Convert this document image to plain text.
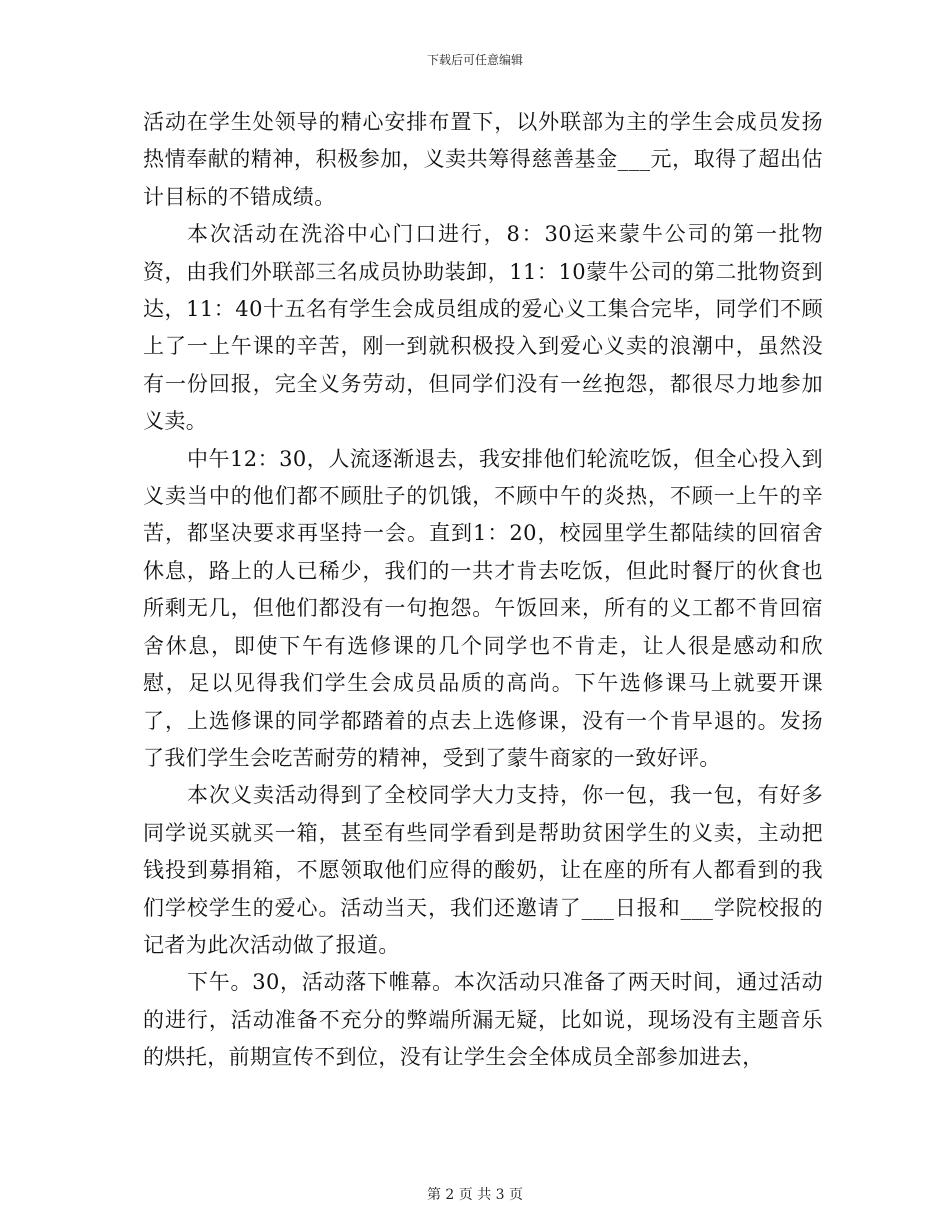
下载后可任意编辑

活动在学生处领导的精心安排布置下，以外联部为主的学生会成员发扬热情奉献的精神，积极参加，义卖共筹得慈善基金___元，取得了超出估计目标的不错成绩。

本次活动在洗浴中心门口进行，8：30运来蒙牛公司的第一批物资，由我们外联部三名成员协助装卸，11：10蒙牛公司的第二批物资到达，11：40十五名有学生会成员组成的爱心义工集合完毕，同学们不顾上了一上午课的辛苦，刚一到就积极投入到爱心义卖的浪潮中，虽然没有一份回报，完全义务劳动，但同学们没有一丝抱怨，都很尽力地参加义卖。

中午12：30，人流逐渐退去，我安排他们轮流吃饭，但全心投入到义卖当中的他们都不顾肚子的饥饿，不顾中午的炎热，不顾一上午的辛苦，都坚决要求再坚持一会。直到1：20，校园里学生都陆续的回宿舍休息，路上的人已稀少，我们的一共才肯去吃饭，但此时餐厅的伙食也所剩无几，但他们都没有一句抱怨。午饭回来，所有的义工都不肯回宿舍休息，即使下午有选修课的几个同学也不肯走，让人很是感动和欣慰，足以见得我们学生会成员品质的高尚。下午选修课马上就要开课了，上选修课的同学都踏着的点去上选修课，没有一个肯早退的。发扬了我们学生会吃苦耐劳的精神，受到了蒙牛商家的一致好评。

本次义卖活动得到了全校同学大力支持，你一包，我一包，有好多同学说买就买一箱，甚至有些同学看到是帮助贫困学生的义卖，主动把钱投到募捐箱，不愿领取他们应得的酸奶，让在座的所有人都看到的我们学校学生的爱心。活动当天，我们还邀请了___日报和___学院校报的记者为此次活动做了报道。

下午。30，活动落下帷幕。本次活动只准备了两天时间，通过活动的进行，活动准备不充分的弊端所漏无疑，比如说，现场没有主题音乐的烘托，前期宣传不到位，没有让学生会全体成员全部参加进去，

第 2 页 共 3 页
